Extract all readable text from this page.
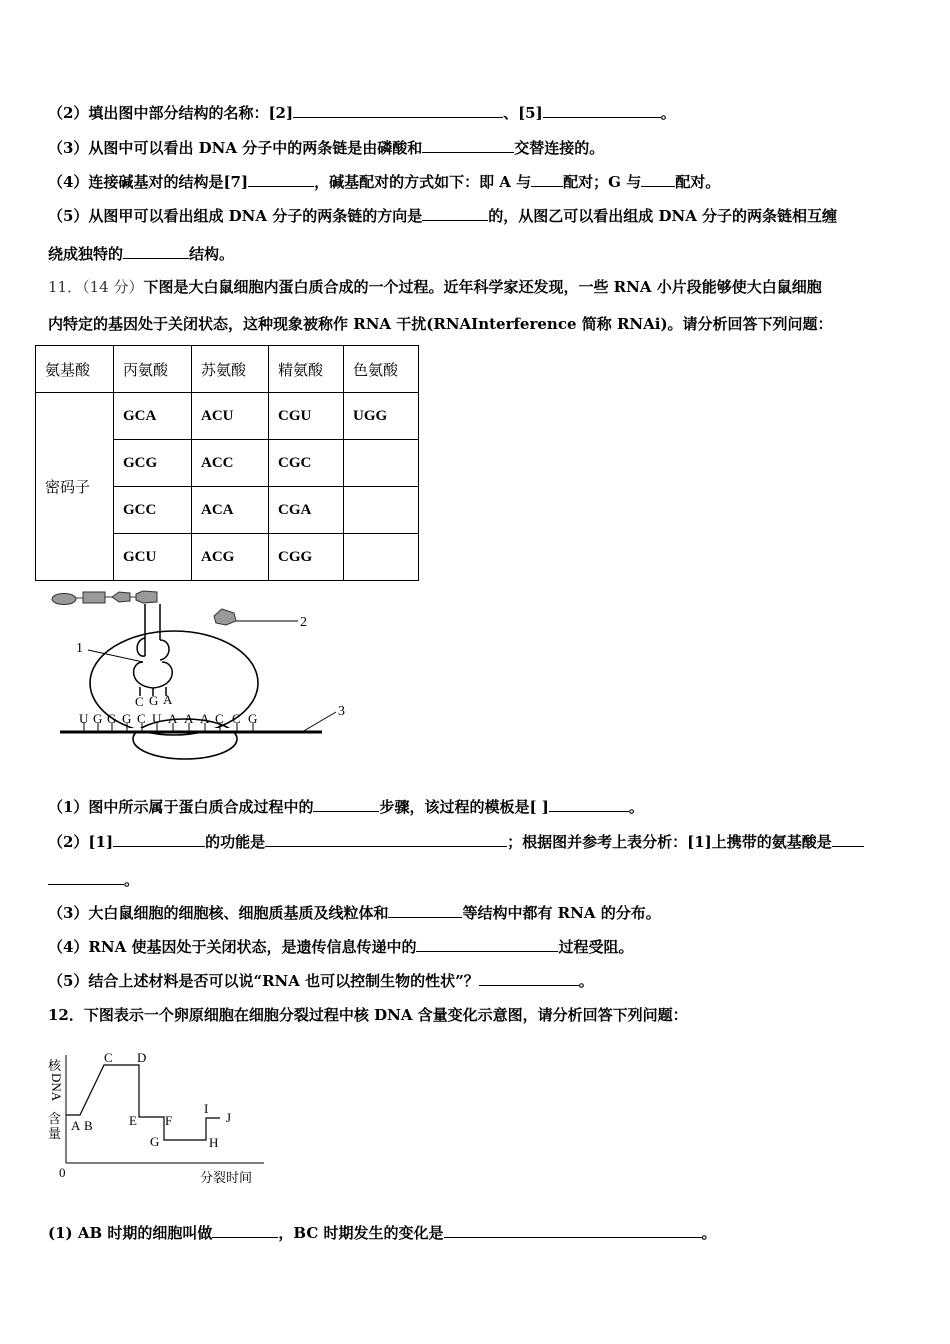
（2）填出图中部分结构的名称：[2]	、[5]	。
（3）从图中可以看出 DNA 分子中的两条链是由磷酸和	交替连接的。
（4）连接碱基对的结构是[7]	，碱基配对的方式如下：即 A 与 配对；G 与 配对。
（5）从图甲可以看出组成 DNA 分子的两条链的方向是	的，从图乙可以看出组成 DNA 分子的两条链相互缠
绕成独特的	结构。
11．（14 分）下图是大白鼠细胞内蛋白质合成的一个过程。近年科学家还发现，一些 RNA 小片段能够使大白鼠细胞
内特定的基因处于关闭状态，这种现象被称作 RNA 干扰(RNAInterference 简称 RNAi)。请分析回答下列问题：
氨基酸	丙氨酸	苏氨酸	精氨酸	色氨酸
密码子	GCA	ACU	CGU	UGG
	GCG	ACC	CGC	
	GCC	ACA	CGA	
	GCU	ACG	CGG	
2
1
C G A
U G G G C U A A A C C G	3
（1）图中所示属于蛋白质合成过程中的	步骤，该过程的模板是[ ]	。
（2）[1]	的功能是	；根据图并参考上表分析：[1]上携带的氨基酸是
。
（3）大白鼠细胞的细胞核、细胞质基质及线粒体和	等结构中都有 RNA 的分布。
（4）RNA 使基因处于关闭状态，是遗传信息传递中的	过程受阻。
（5）结合上述材料是否可以说“RNA 也可以控制生物的性状”？	。
12．下图表示一个卵原细胞在细胞分裂过程中核 DNA 含量变化示意图，请分析回答下列问题：
核
DNA
含
量
0	分裂时间
A B
C D
E F
G	H
I
J
(1) AB 时期的细胞叫做	，BC 时期发生的变化是	。
